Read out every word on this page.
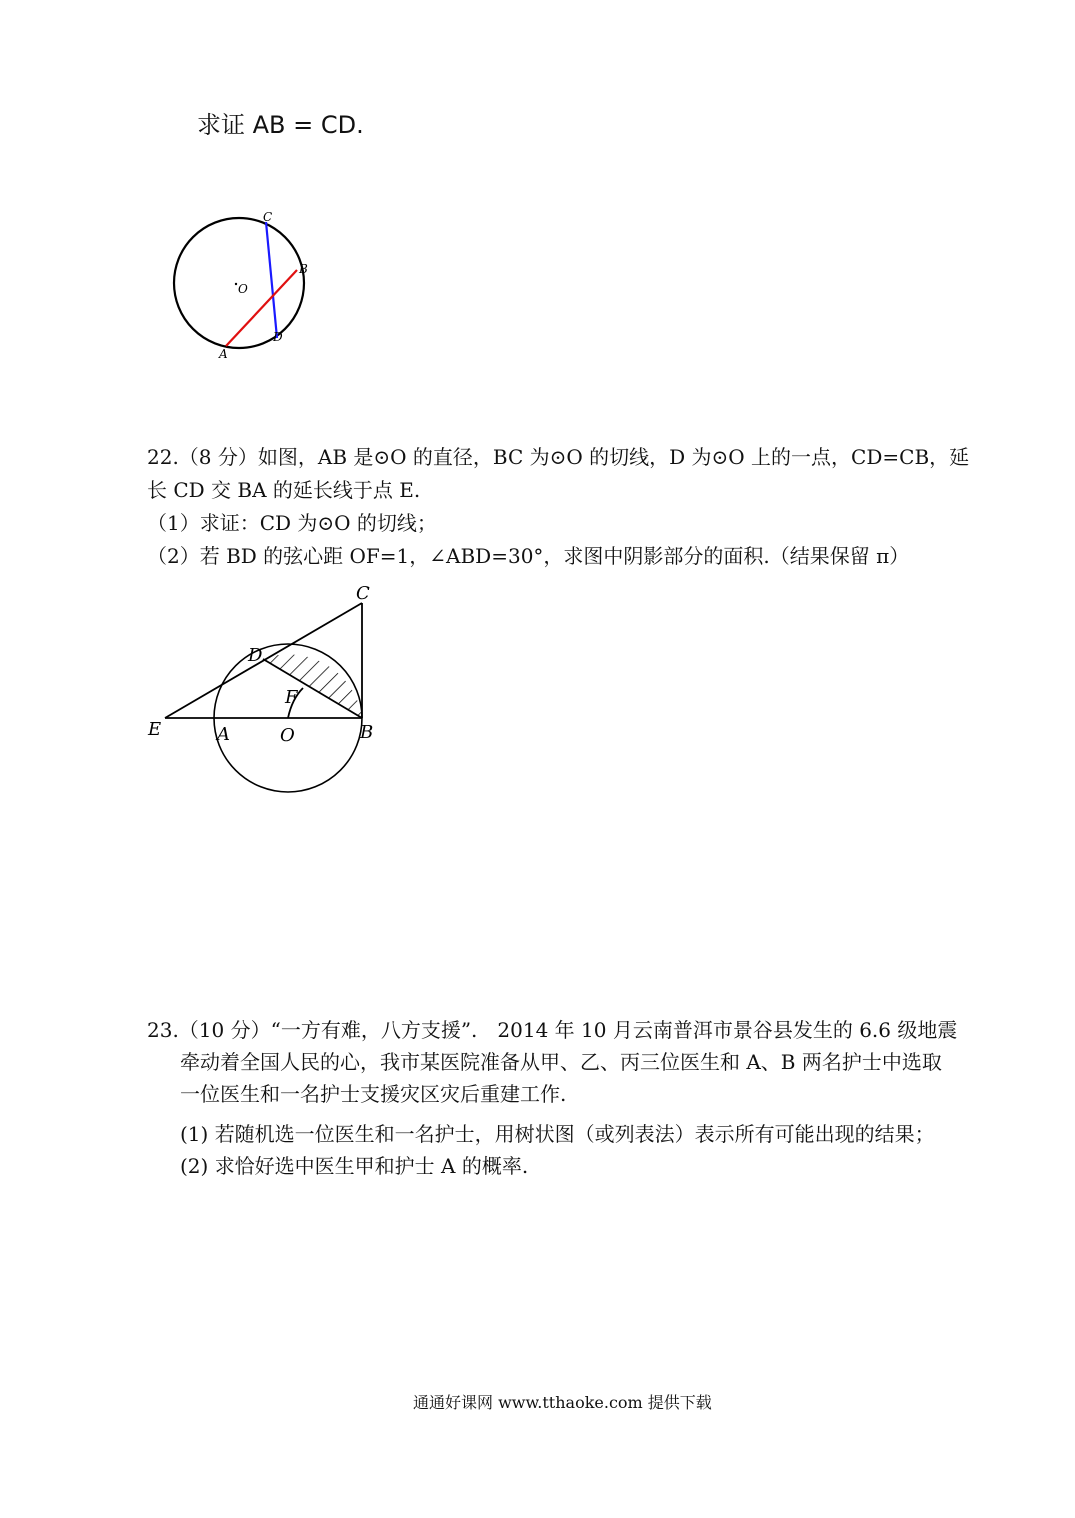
求证 AB = CD.
C
O
B
A
D
22.（8 分）如图，AB 是⊙O 的直径，BC 为⊙O 的切线，D 为⊙O 上的一点，CD=CB，延
长 CD 交 BA 的延长线于点 E.
（1）求证：CD 为⊙O 的切线；
（2）若 BD 的弦心距 OF=1，∠ABD=30°，求图中阴影部分的面积.（结果保留 π）
C
D
F
E	A	O	B
23.（10 分）“一方有难，八方支援”.　2014 年 10 月云南普洱市景谷县发生的 6.6 级地震
牵动着全国人民的心，我市某医院准备从甲、乙、丙三位医生和 A、B 两名护士中选取
一位医生和一名护士支援灾区灾后重建工作.
(1) 若随机选一位医生和一名护士，用树状图（或列表法）表示所有可能出现的结果；
(2) 求恰好选中医生甲和护士 A 的概率.
通通好课网 www.tthaoke.com 提供下载
